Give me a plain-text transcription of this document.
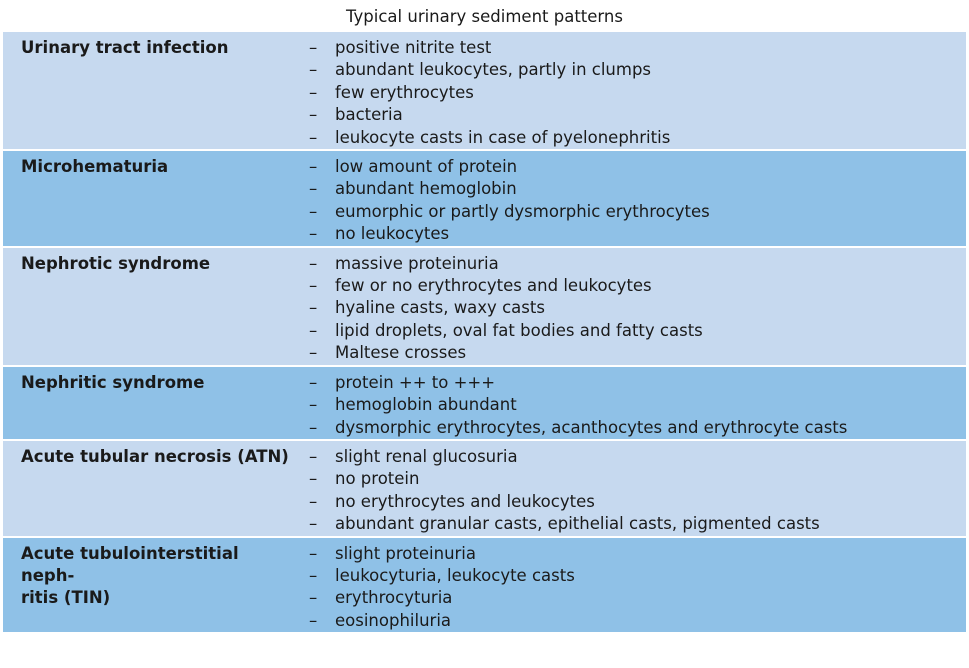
Typical urinary sediment patterns
Urinary tract infection	– positive nitrite test
– abundant leukocytes, partly in clumps
– few erythrocytes
– bacteria
– leukocyte casts in case of pyelonephritis
Microhematuria	– low amount of protein
– abundant hemoglobin
– eumorphic or partly dysmorphic erythrocytes
– no leukocytes
Nephrotic syndrome	– massive proteinuria
– few or no erythrocytes and leukocytes
– hyaline casts, waxy casts
– lipid droplets, oval fat bodies and fatty casts
– Maltese crosses
Nephritic syndrome	– protein ++ to +++
– hemoglobin abundant
– dysmorphic erythrocytes, acanthocytes and erythrocyte casts
Acute tubular necrosis (ATN) – slight renal glucosuria
– no protein
– no erythrocytes and leukocytes
– abundant granular casts, epithelial casts, pigmented casts
Acute tubulointerstitial neph-
ritis (TIN)
– slight proteinuria
– leukocyturia, leukocyte casts
– erythrocyturia
– eosinophiluria
